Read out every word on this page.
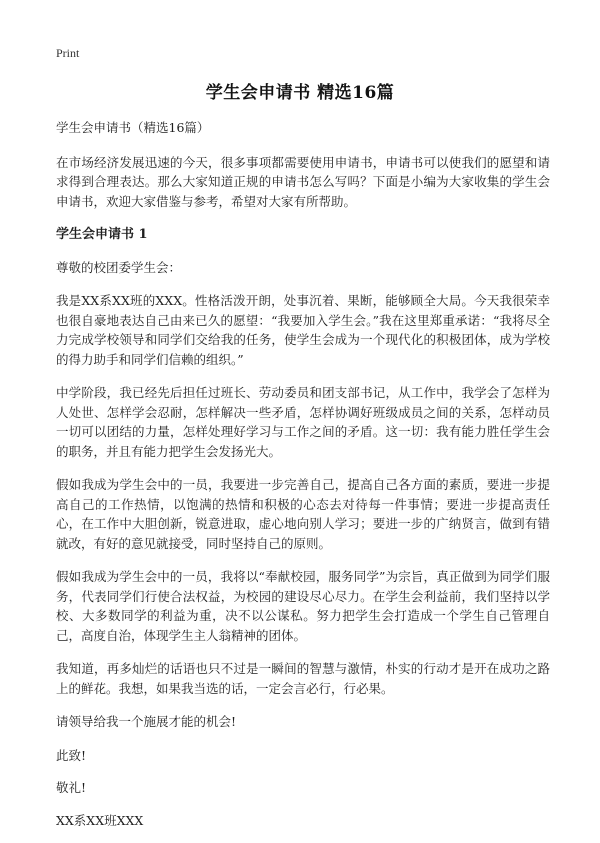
Print
学生会申请书 精选16篇

学生会申请书（精选16篇）

在市场经济发展迅速的今天，很多事项都需要使用申请书，申请书可以使我们的愿望和请求得到合理表达。那么大家知道正规的申请书怎么写吗？下面是小编为大家收集的学生会申请书，欢迎大家借鉴与参考，希望对大家有所帮助。

学生会申请书 1

尊敬的校团委学生会：

我是XX系XX班的XXX。性格活泼开朗，处事沉着、果断，能够顾全大局。今天我很荣幸也很自豪地表达自己由来已久的愿望：“我要加入学生会。”我在这里郑重承诺：“我将尽全力完成学校领导和同学们交给我的任务，使学生会成为一个现代化的积极团体，成为学校的得力助手和同学们信赖的组织。”

中学阶段，我已经先后担任过班长、劳动委员和团支部书记，从工作中，我学会了怎样为人处世、怎样学会忍耐，怎样解决一些矛盾，怎样协调好班级成员之间的关系，怎样动员一切可以团结的力量，怎样处理好学习与工作之间的矛盾。这一切：我有能力胜任学生会的职务，并且有能力把学生会发扬光大。

假如我成为学生会中的一员，我要进一步完善自己，提高自己各方面的素质，要进一步提高自己的工作热情，以饱满的热情和积极的心态去对待每一件事情；要进一步提高责任心，在工作中大胆创新，锐意进取，虚心地向别人学习；要进一步的广纳贤言，做到有错就改，有好的意见就接受，同时坚持自己的原则。

假如我成为学生会中的一员，我将以“奉献校园，服务同学”为宗旨，真正做到为同学们服务，代表同学们行使合法权益，为校园的建设尽心尽力。在学生会利益前，我们坚持以学校、大多数同学的利益为重，决不以公谋私。努力把学生会打造成一个学生自己管理自己，高度自治，体现学生主人翁精神的团体。

我知道，再多灿烂的话语也只不过是一瞬间的智慧与激情，朴实的行动才是开在成功之路上的鲜花。我想，如果我当选的话，一定会言必行，行必果。

请领导给我一个施展才能的机会!

此致!

敬礼!

XX系XX班XXX
